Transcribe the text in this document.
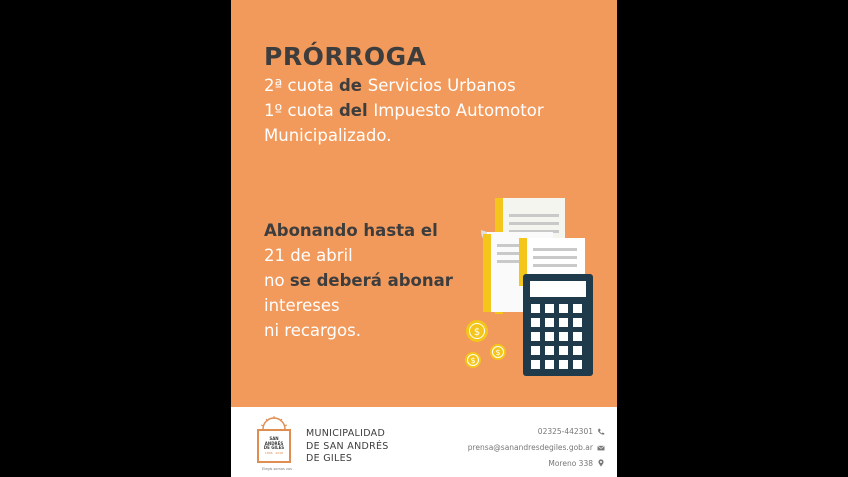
PRÓRROGA
2ª cuota de Servicios Urbanos
1º cuota del Impuesto Automotor
Municipalizado.
Abonando hasta el
21 de abril
no se deberá abonar
intereses
ni recargos.	$
$
$
SAN
ANDRÉS
DE GILES
1806 · 2018
Elegís somos vos
MUNICIPALIDAD
DE SAN ANDRÉS
DE GILES
02325-442301
prensa@sanandresdegiles.gob.ar
Moreno 338
